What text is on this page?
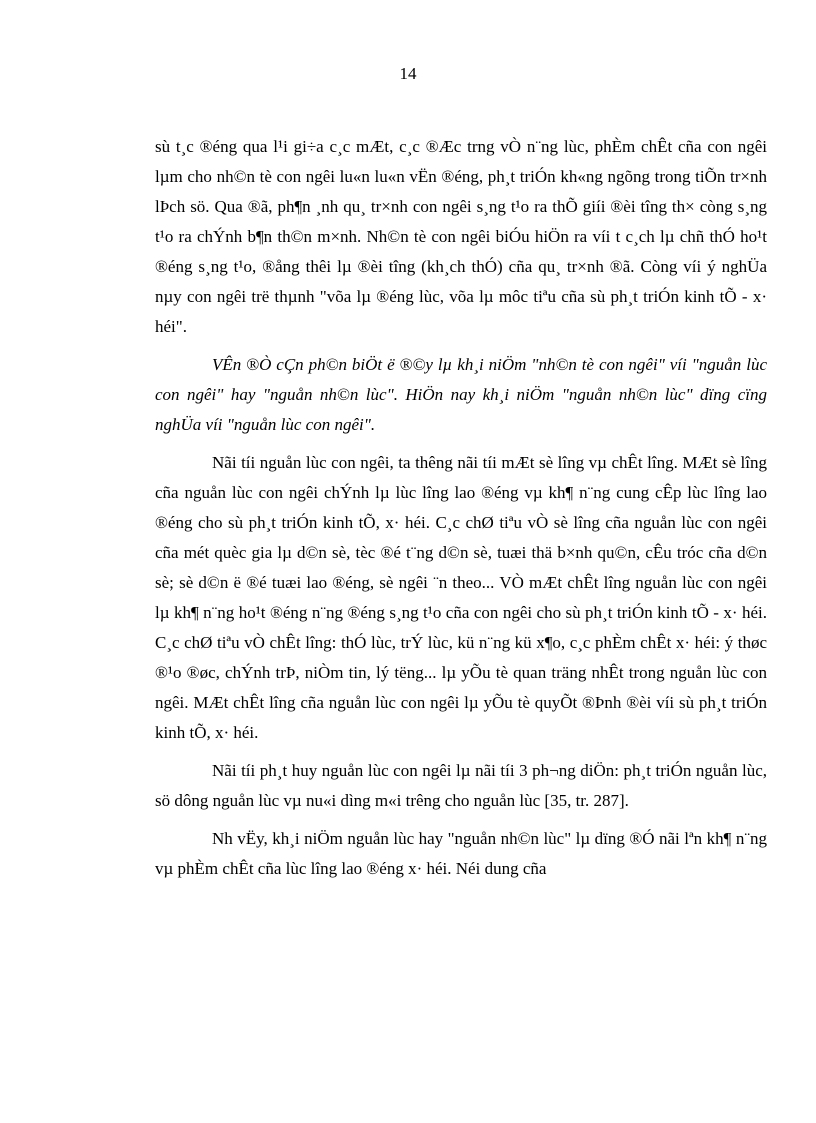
14

sù t¸c ®éng qua l¹i gi÷a c¸c mÆt, c¸c ®Æc trng vÒ n¨ng lùc, phÈm chÊt cña con ngêi lµm cho nh©n tè con ngêi lu«n lu«n vËn ®éng, ph¸t triÓn kh«ng ngõng trong tiÕn tr×nh lÞch sö. Qua ®ã, ph¶n ¸nh qu¸ tr×nh con ngêi s¸ng t¹o ra thÕ giíi ®èi tîng th× còng s¸ng t¹o ra chÝnh b¶n th©n m×nh. Nh©n tè con ngêi biÓu hiÖn ra víi t c¸ch lµ chñ thÓ ho¹t ®éng s¸ng t¹o, ®ång thêi lµ ®èi tîng (kh¸ch thÓ) cña qu¸ tr×nh ®ã. Còng víi ý nghÜa nµy con ngêi trë thµnh "võa lµ ®éng lùc, võa lµ môc tiªu cña sù ph¸t triÓn kinh tÕ - x· héi".

VÊn ®Ò cÇn ph©n biÖt ë ®©y lµ kh¸i niÖm "nh©n tè con ngêi" víi "nguån lùc con ngêi" hay "nguån nh©n lùc". HiÖn nay kh¸i niÖm "nguån nh©n lùc" dïng cïng nghÜa víi "nguån lùc con ngêi".

Nãi tíi nguån lùc con ngêi, ta thêng nãi tíi mÆt sè lîng vµ chÊt lîng. MÆt sè lîng cña nguån lùc con ngêi chÝnh lµ lùc lîng lao ®éng vµ kh¶ n¨ng cung cÊp lùc lîng lao ®éng cho sù ph¸t triÓn kinh tÕ, x· héi. C¸c chØ tiªu vÒ sè lîng cña nguån lùc con ngêi cña mét quèc gia lµ d©n sè, tèc ®é t¨ng d©n sè, tuæi thä b×nh qu©n, cÊu tróc cña d©n sè; sè d©n ë ®é tuæi lao ®éng, sè ngêi ¨n theo... VÒ mÆt chÊt lîng nguån lùc con ngêi lµ kh¶ n¨ng ho¹t ®éng n¨ng ®éng s¸ng t¹o cña con ngêi cho sù ph¸t triÓn kinh tÕ - x· héi. C¸c chØ tiªu vÒ chÊt lîng: thÓ lùc, trÝ lùc, kü n¨ng kü x¶o, c¸c phÈm chÊt x· héi: ý thøc ®¹o ®øc, chÝnh trÞ, niÒm tin, lý tëng... lµ yÕu tè quan träng nhÊt trong nguån lùc con ngêi. MÆt chÊt lîng cña nguån lùc con ngêi lµ yÕu tè quyÕt ®Þnh ®èi víi sù ph¸t triÓn kinh tÕ, x· héi.

Nãi tíi ph¸t huy nguån lùc con ngêi lµ nãi tíi 3 ph¬ng diÖn: ph¸t triÓn nguån lùc, sö dông nguån lùc vµ nu«i dìng m«i trêng cho nguån lùc [35, tr. 287].

Nh vËy, kh¸i niÖm nguån lùc hay "nguån nh©n lùc" lµ dïng ®Ó nãi lªn kh¶ n¨ng vµ phÈm chÊt cña lùc lîng lao ®éng x· héi. Néi dung cña
